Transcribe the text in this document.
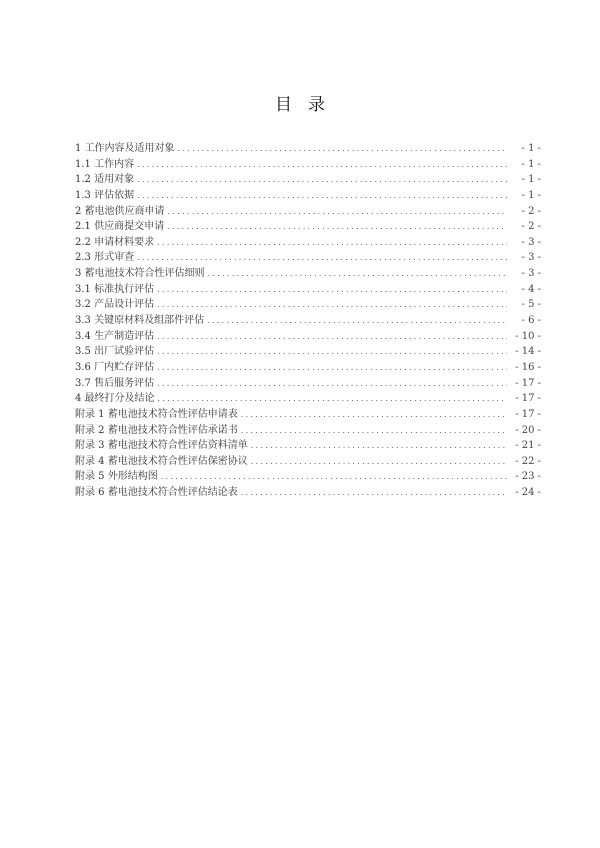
目录
1 工作内容及适用对象 .....	- 1 -
1.1 工作内容 .....	- 1 -
1.2 适用对象 .....	- 1 -
1.3 评估依据 .....	- 1 -
2 蓄电池供应商申请 .....	- 2 -
2.1 供应商提交申请 .....	- 2 -
2.2 申请材料要求 .....	- 3 -
2.3 形式审查 .....	- 3 -
3 蓄电池技术符合性评估细则 .....	- 3 -
3.1 标准执行评估 .....	- 4 -
3.2 产品设计评估 .....	- 5 -
3.3 关键原材料及组部件评估 .....	- 6 -
3.4 生产制造评估 .....	- 10 -
3.5 出厂试验评估 .....	- 14 -
3.6 厂内贮存评估 .....	- 16 -
3.7 售后服务评估 .....	- 17 -
4 最终打分及结论 .....	- 17 -
附录 1 蓄电池技术符合性评估申请表 .....	- 17 -
附录 2 蓄电池技术符合性评估承诺书 .....	- 20 -
附录 3 蓄电池技术符合性评估资料清单 .....	- 21 -
附录 4 蓄电池技术符合性评估保密协议 .....	- 22 -
附录 5 外形结构图 .....	- 23 -
附录 6 蓄电池技术符合性评估结论表 .....	- 24 -
